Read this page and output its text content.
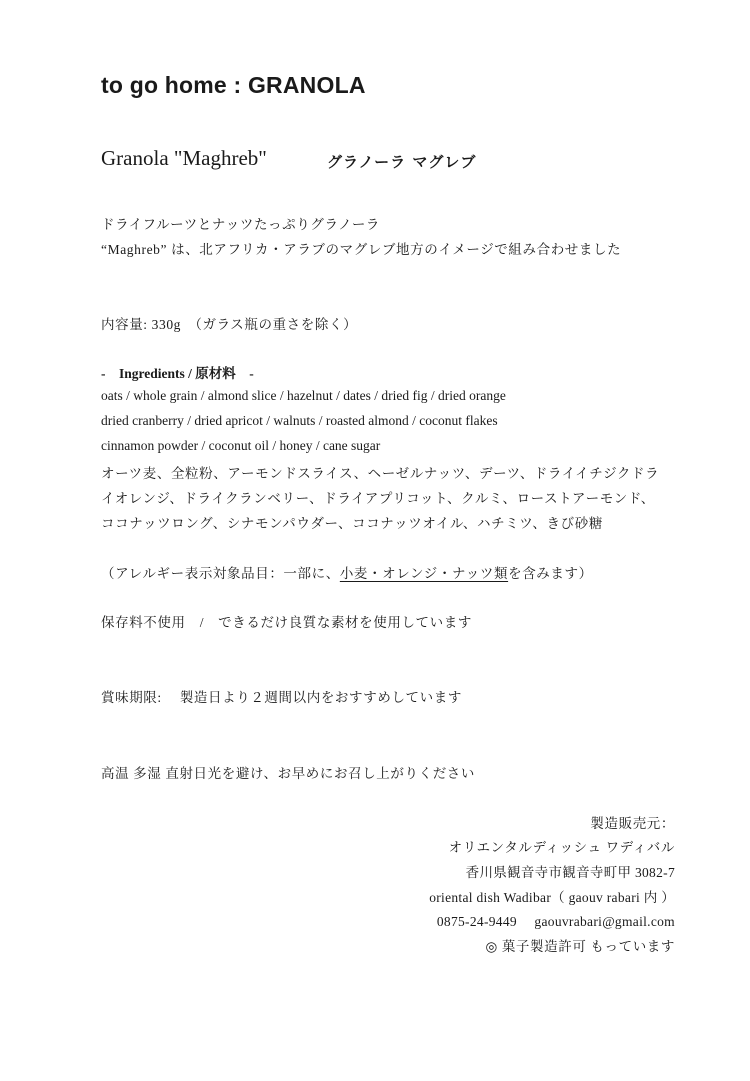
to go home : GRANOLA
Granola "Maghreb"	グラノーラ マグレブ
ドライフルーツとナッツたっぷりグラノーラ
“Maghreb” は、北アフリカ・アラブのマグレブ地方のイメージで組み合わせました
内容量: 330g　（ガラス瓶の重さを除く）
-　Ingredients / 原材料　-
oats / whole grain / almond slice / hazelnut / dates / dried fig / dried orange
dried cranberry / dried apricot / walnuts / roasted almond / coconut flakes
cinnamon powder / coconut oil / honey / cane sugar
オーツ麦、全粒粉、アーモンドスライス、ヘーゼルナッツ、デーツ、ドライイチジクドラ
イオレンジ、ドライクランベリー、ドライアプリコット、クルミ、ローストアーモンド、
ココナッツロング、シナモンパウダー、ココナッツオイル、ハチミツ、きび砂糖
（アレルギー表示対象品目：一部に、小麦・オレンジ・ナッツ類を含みます）
保存料不使用　/　できるだけ良質な素材を使用しています
賞味期限:　 製造日より２週間以内をおすすめしています
高温 多湿 直射日光を避け、お早めにお召し上がりください
製造販売元：
オリエンタルディッシュ ワディバル
香川県観音寺市観音寺町甲 3082-7
oriental dish Wadibar（ gaouv rabari 内 ）
0875-24-9449　 gaouvrabari@gmail.com
◎ 菓子製造許可 もっています
